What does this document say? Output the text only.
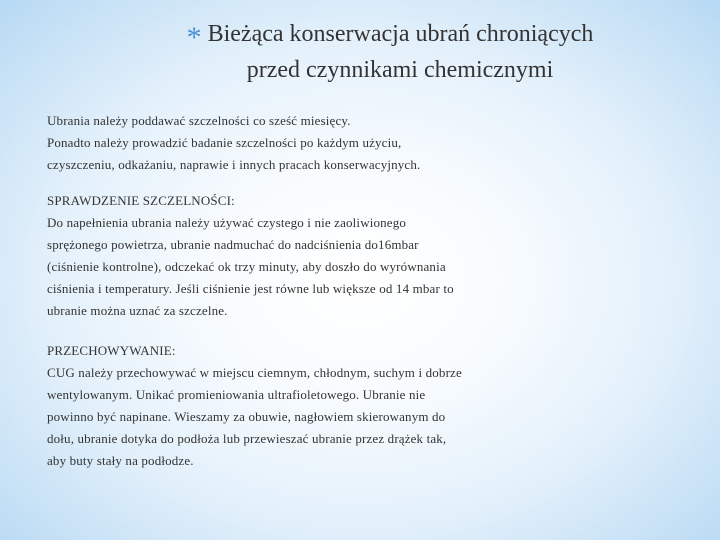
* Bieżąca konserwacja ubrań chroniących
przed czynnikami chemicznymi

Ubrania należy poddawać szczelności co sześć miesięcy.
Ponadto należy prowadzić badanie szczelności po każdym użyciu,
czyszczeniu, odkażaniu, naprawie i innych pracach konserwacyjnych.

SPRAWDZENIE SZCZELNOŚCI:
Do napełnienia ubrania należy używać czystego i nie zaoliwionego
sprężonego powietrza, ubranie nadmuchać do nadciśnienia do16mbar
(ciśnienie kontrolne), odczekać ok trzy minuty, aby doszło do wyrównania
ciśnienia i temperatury. Jeśli ciśnienie jest równe lub większe od 14 mbar to
ubranie można uznać za szczelne.

PRZECHOWYWANIE:
CUG należy przechowywać w miejscu ciemnym, chłodnym, suchym i dobrze
wentylowanym. Unikać promieniowania ultrafioletowego. Ubranie nie
powinno być napinane. Wieszamy za obuwie, nagłowiem skierowanym do
dołu, ubranie dotyka do podłoża lub przewieszać ubranie przez drążek tak,
aby buty stały na podłodze.
